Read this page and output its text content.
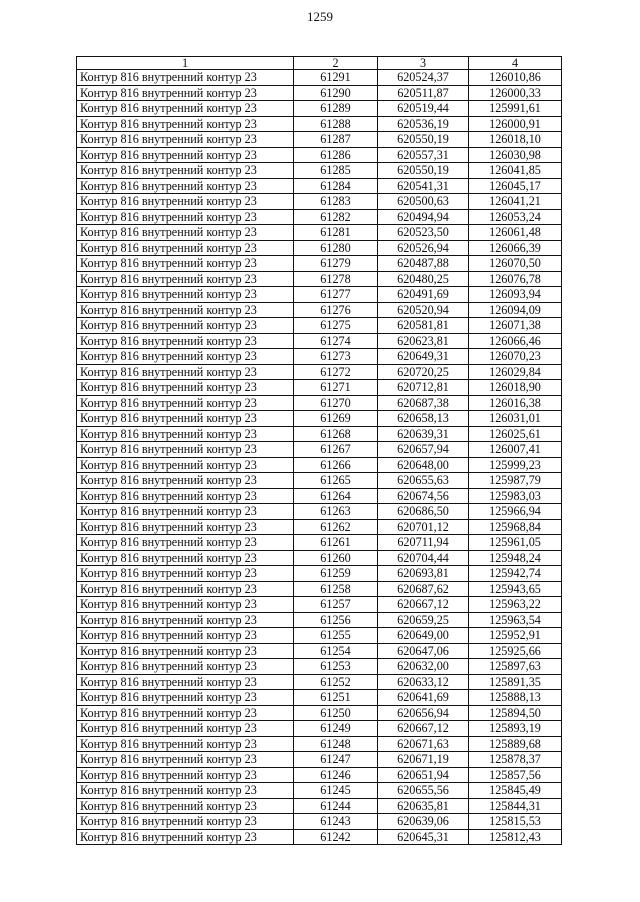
1259
1	2	3	4
Контур 816 внутренний контур 23	61291	620524,37	126010,86
Контур 816 внутренний контур 23	61290	620511,87	126000,33
Контур 816 внутренний контур 23	61289	620519,44	125991,61
Контур 816 внутренний контур 23	61288	620536,19	126000,91
Контур 816 внутренний контур 23	61287	620550,19	126018,10
Контур 816 внутренний контур 23	61286	620557,31	126030,98
Контур 816 внутренний контур 23	61285	620550,19	126041,85
Контур 816 внутренний контур 23	61284	620541,31	126045,17
Контур 816 внутренний контур 23	61283	620500,63	126041,21
Контур 816 внутренний контур 23	61282	620494,94	126053,24
Контур 816 внутренний контур 23	61281	620523,50	126061,48
Контур 816 внутренний контур 23	61280	620526,94	126066,39
Контур 816 внутренний контур 23	61279	620487,88	126070,50
Контур 816 внутренний контур 23	61278	620480,25	126076,78
Контур 816 внутренний контур 23	61277	620491,69	126093,94
Контур 816 внутренний контур 23	61276	620520,94	126094,09
Контур 816 внутренний контур 23	61275	620581,81	126071,38
Контур 816 внутренний контур 23	61274	620623,81	126066,46
Контур 816 внутренний контур 23	61273	620649,31	126070,23
Контур 816 внутренний контур 23	61272	620720,25	126029,84
Контур 816 внутренний контур 23	61271	620712,81	126018,90
Контур 816 внутренний контур 23	61270	620687,38	126016,38
Контур 816 внутренний контур 23	61269	620658,13	126031,01
Контур 816 внутренний контур 23	61268	620639,31	126025,61
Контур 816 внутренний контур 23	61267	620657,94	126007,41
Контур 816 внутренний контур 23	61266	620648,00	125999,23
Контур 816 внутренний контур 23	61265	620655,63	125987,79
Контур 816 внутренний контур 23	61264	620674,56	125983,03
Контур 816 внутренний контур 23	61263	620686,50	125966,94
Контур 816 внутренний контур 23	61262	620701,12	125968,84
Контур 816 внутренний контур 23	61261	620711,94	125961,05
Контур 816 внутренний контур 23	61260	620704,44	125948,24
Контур 816 внутренний контур 23	61259	620693,81	125942,74
Контур 816 внутренний контур 23	61258	620687,62	125943,65
Контур 816 внутренний контур 23	61257	620667,12	125963,22
Контур 816 внутренний контур 23	61256	620659,25	125963,54
Контур 816 внутренний контур 23	61255	620649,00	125952,91
Контур 816 внутренний контур 23	61254	620647,06	125925,66
Контур 816 внутренний контур 23	61253	620632,00	125897,63
Контур 816 внутренний контур 23	61252	620633,12	125891,35
Контур 816 внутренний контур 23	61251	620641,69	125888,13
Контур 816 внутренний контур 23	61250	620656,94	125894,50
Контур 816 внутренний контур 23	61249	620667,12	125893,19
Контур 816 внутренний контур 23	61248	620671,63	125889,68
Контур 816 внутренний контур 23	61247	620671,19	125878,37
Контур 816 внутренний контур 23	61246	620651,94	125857,56
Контур 816 внутренний контур 23	61245	620655,56	125845,49
Контур 816 внутренний контур 23	61244	620635,81	125844,31
Контур 816 внутренний контур 23	61243	620639,06	125815,53
Контур 816 внутренний контур 23	61242	620645,31	125812,43
